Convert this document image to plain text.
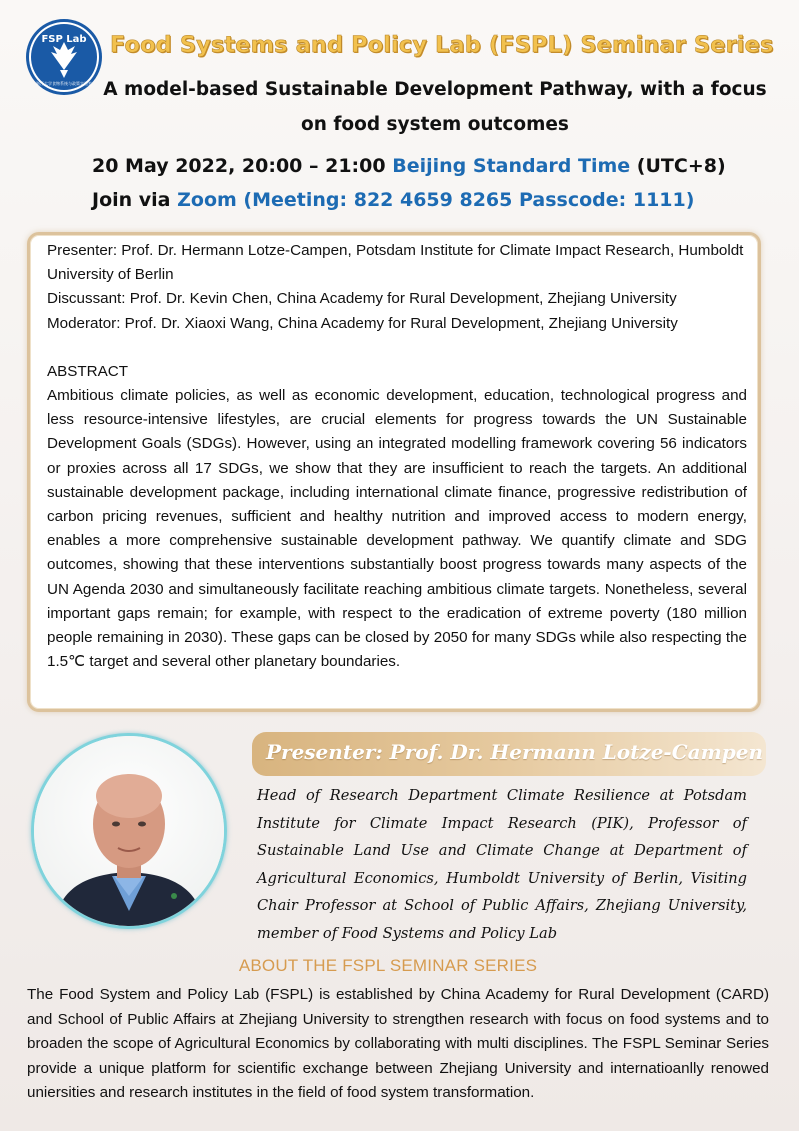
浙江大学食物系统与政策实验室
FSP Lab	Food Systems and Policy Lab (FSPL) Seminar Series
A model-based Sustainable Development Pathway, with a focus on food system outcomes
20 May 2022, 20:00 – 21:00 Beijing Standard Time (UTC+8)
Join via Zoom (Meeting: 822 4659 8265 Passcode: 1111)

Presenter: Prof. Dr. Hermann Lotze-Campen, Potsdam Institute for Climate Impact Research, Humboldt University of Berlin

Discussant: Prof. Dr. Kevin Chen, China Academy for Rural Development, Zhejiang University

Moderator: Prof. Dr. Xiaoxi Wang, China Academy for Rural Development, Zhejiang University

ABSTRACT

Ambitious climate policies, as well as economic development, education, technological progress and less resource-intensive lifestyles, are crucial elements for progress towards the UN Sustainable Development Goals (SDGs). However, using an integrated modelling framework covering 56 indicators or proxies across all 17 SDGs, we show that they are insufficient to reach the targets. An additional sustainable development package, including international climate finance, progressive redistribution of carbon pricing revenues, sufficient and healthy nutrition and improved access to modern energy, enables a more comprehensive sustainable development pathway. We quantify climate and SDG outcomes, showing that these interventions substantially boost progress towards many aspects of the UN Agenda 2030 and simultaneously facilitate reaching ambitious climate targets. Nonetheless, several important gaps remain; for example, with respect to the eradication of extreme poverty (180 million people remaining in 2030). These gaps can be closed by 2050 for many SDGs while also respecting the 1.5℃ target and several other planetary boundaries.

Presenter: Prof. Dr. Hermann Lotze-Campen
Head of Research Department Climate Resilience at Potsdam Institute for Climate Impact Research (PIK), Professor of Sustainable Land Use and Climate Change at Department of Agricultural Economics, Humboldt University of Berlin, Visiting Chair Professor at School of Public Affairs, Zhejiang University, member of Food Systems and Policy Lab
ABOUT THE FSPL SEMINAR SERIES
The Food System and Policy Lab (FSPL) is established by China Academy for Rural Development (CARD) and School of Public Affairs at Zhejiang University to strengthen research with focus on food systems and to broaden the scope of Agricultural Economics by collaborating with multi disciplines. The FSPL Seminar Series provide a unique platform for scientific exchange between Zhejiang University and internatioanlly renowed uniersities and research institutes in the field of food system transformation.
